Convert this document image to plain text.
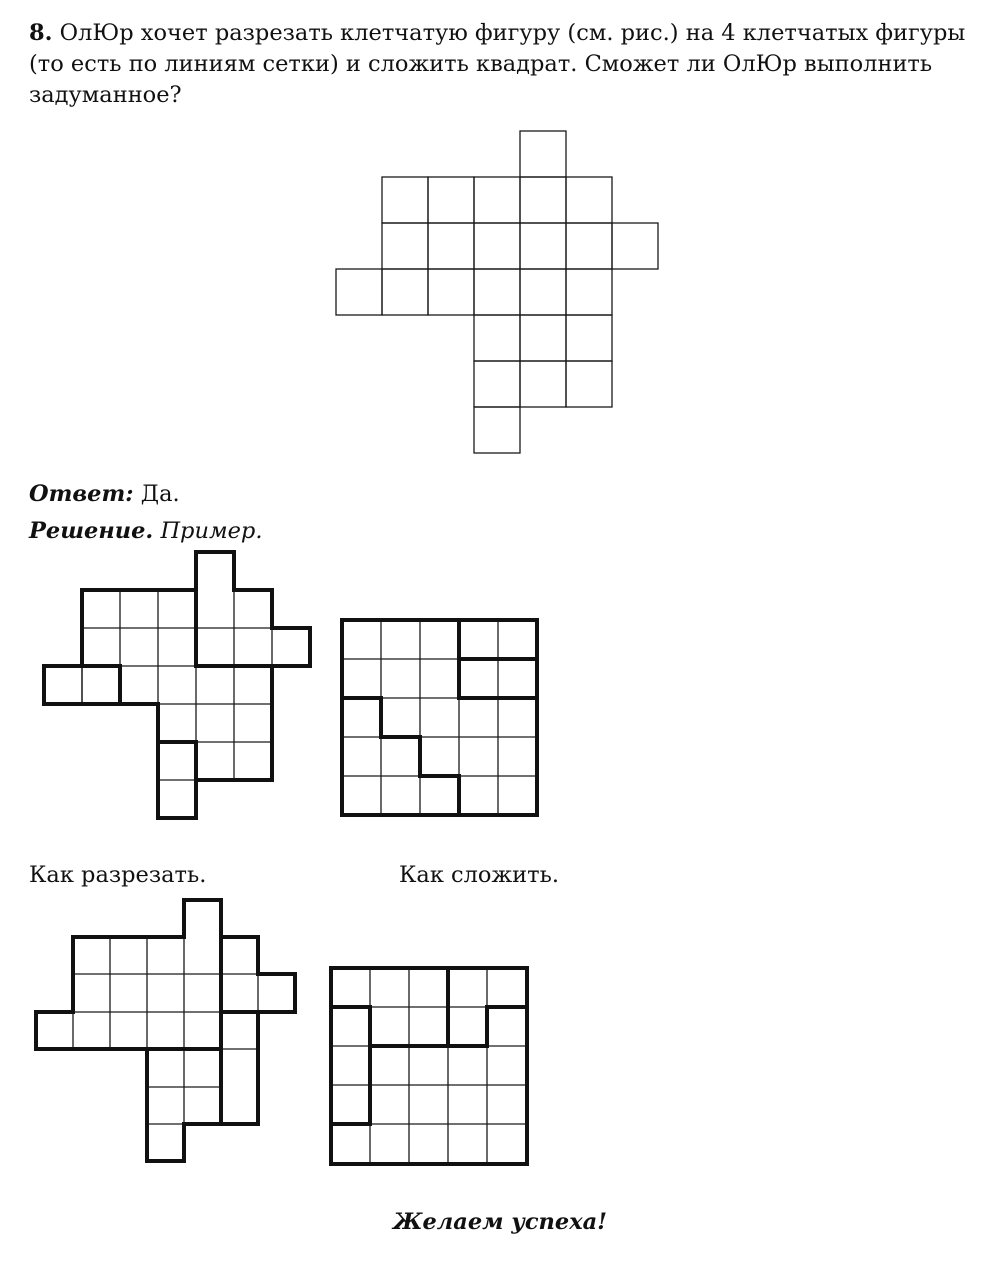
8. ОлЮр хочет разрезать клетчатую фигуру (см. рис.) на 4 клетчатых фигуры (то есть по линиям сетки) и сложить квадрат. Сможет ли ОлЮр выполнить задуманное?

Ответ: Да.
Решение. Пример.
Как разрезать.	Как сложить.
Желаем успеха!
